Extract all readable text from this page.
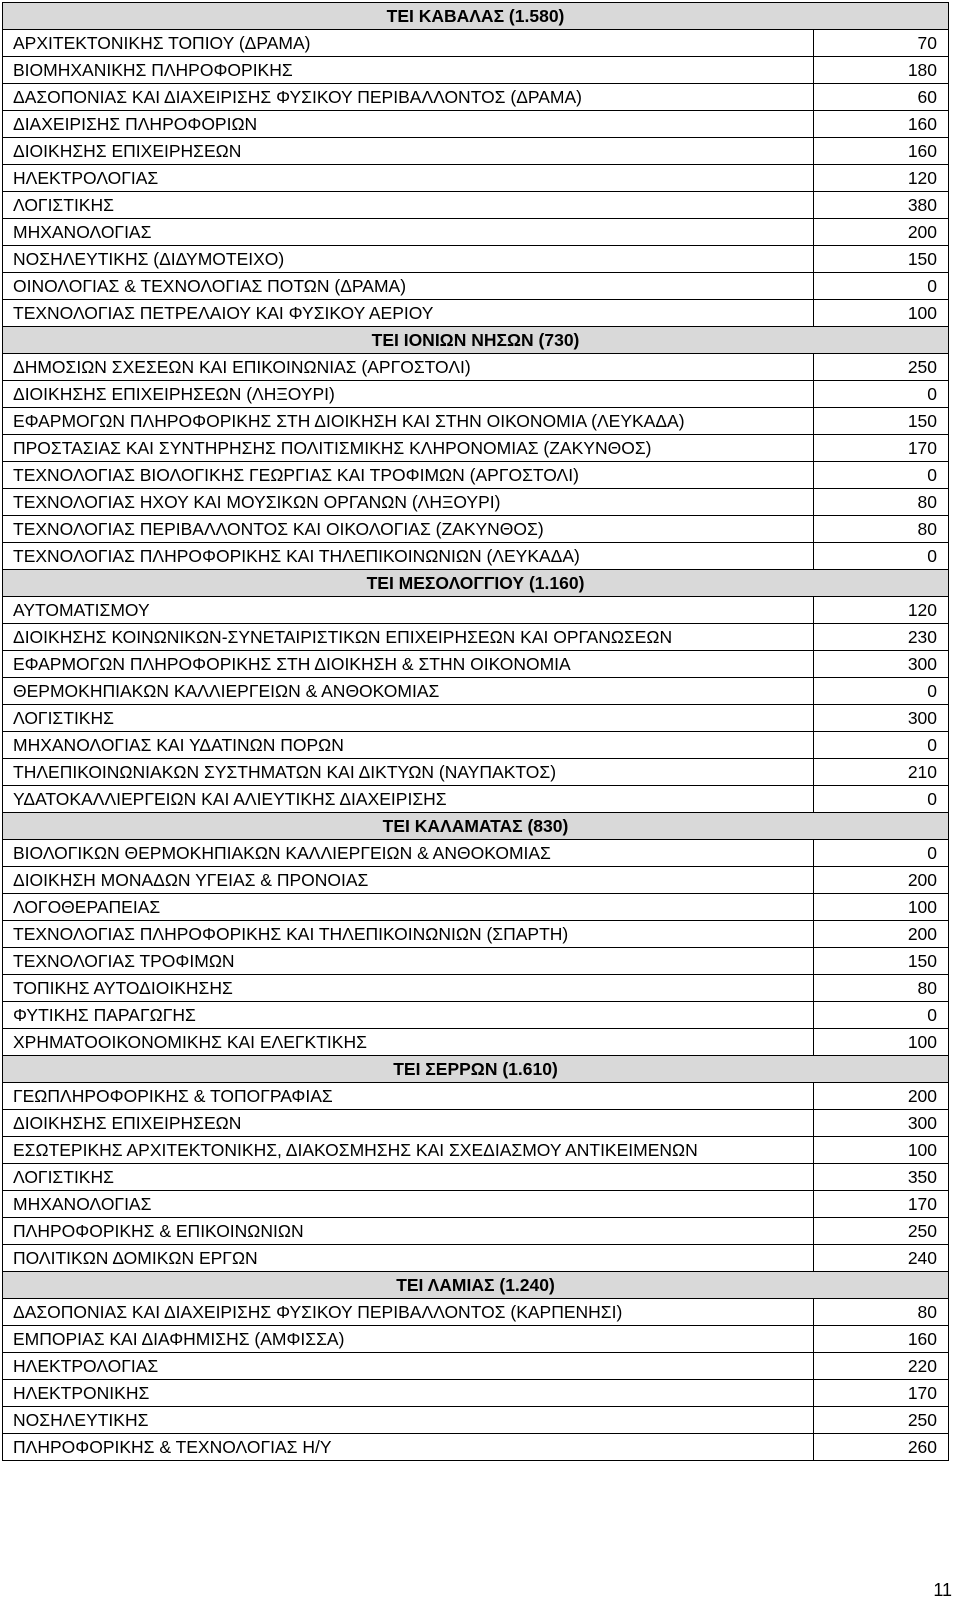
ΤΕΙ ΚΑΒΑΛΑΣ (1.580)	
ΑΡΧΙΤΕΚΤΟΝΙΚΗΣ ΤΟΠΙΟΥ (ΔΡΑΜΑ)	70
ΒΙΟΜΗΧΑΝΙΚΗΣ ΠΛΗΡΟΦΟΡΙΚΗΣ	180
ΔΑΣΟΠΟΝΙΑΣ ΚΑΙ ΔΙΑΧΕΙΡΙΣΗΣ ΦΥΣΙΚΟΥ ΠΕΡΙΒΑΛΛΟΝΤΟΣ (ΔΡΑΜΑ)	60
ΔΙΑΧΕΙΡΙΣΗΣ ΠΛΗΡΟΦΟΡΙΩΝ	160
ΔΙΟΙΚΗΣΗΣ ΕΠΙΧΕΙΡΗΣΕΩΝ	160
ΗΛΕΚΤΡΟΛΟΓΙΑΣ	120
ΛΟΓΙΣΤΙΚΗΣ	380
ΜΗΧΑΝΟΛΟΓΙΑΣ	200
ΝΟΣΗΛΕΥΤΙΚΗΣ (ΔΙΔΥΜΟΤΕΙΧΟ)	150
ΟΙΝΟΛΟΓΙΑΣ & ΤΕΧΝΟΛΟΓΙΑΣ ΠΟΤΩΝ (ΔΡΑΜΑ)	0
ΤΕΧΝΟΛΟΓΙΑΣ ΠΕΤΡΕΛΑΙΟΥ ΚΑΙ ΦΥΣΙΚΟΥ ΑΕΡΙΟΥ	100
ΤΕΙ ΙΟΝΙΩΝ ΝΗΣΩΝ (730)	
ΔΗΜΟΣΙΩΝ ΣΧΕΣΕΩΝ ΚΑΙ ΕΠΙΚΟΙΝΩΝΙΑΣ (ΑΡΓΟΣΤΟΛΙ)	250
ΔΙΟΙΚΗΣΗΣ ΕΠΙΧΕΙΡΗΣΕΩΝ (ΛΗΞΟΥΡΙ)	0
ΕΦΑΡΜΟΓΩΝ ΠΛΗΡΟΦΟΡΙΚΗΣ ΣΤΗ ΔΙΟΙΚΗΣΗ ΚΑΙ ΣΤΗΝ ΟΙΚΟΝΟΜΙΑ (ΛΕΥΚΑΔΑ)	150
ΠΡΟΣΤΑΣΙΑΣ ΚΑΙ ΣΥΝΤΗΡΗΣΗΣ ΠΟΛΙΤΙΣΜΙΚΗΣ ΚΛΗΡΟΝΟΜΙΑΣ (ΖΑΚΥΝΘΟΣ)	170
ΤΕΧΝΟΛΟΓΙΑΣ ΒΙΟΛΟΓΙΚΗΣ ΓΕΩΡΓΙΑΣ ΚΑΙ ΤΡΟΦΙΜΩΝ (ΑΡΓΟΣΤΟΛΙ)	0
ΤΕΧΝΟΛΟΓΙΑΣ ΗΧΟΥ ΚΑΙ ΜΟΥΣΙΚΩΝ ΟΡΓΑΝΩΝ (ΛΗΞΟΥΡΙ)	80
ΤΕΧΝΟΛΟΓΙΑΣ ΠΕΡΙΒΑΛΛΟΝΤΟΣ ΚΑΙ ΟΙΚΟΛΟΓΙΑΣ (ΖΑΚΥΝΘΟΣ)	80
ΤΕΧΝΟΛΟΓΙΑΣ ΠΛΗΡΟΦΟΡΙΚΗΣ ΚΑΙ ΤΗΛΕΠΙΚΟΙΝΩΝΙΩΝ (ΛΕΥΚΑΔΑ)	0
ΤΕΙ ΜΕΣΟΛΟΓΓΙΟΥ (1.160)	
ΑΥΤΟΜΑΤΙΣΜΟΥ	120
ΔΙΟΙΚΗΣΗΣ ΚΟΙΝΩΝΙΚΩΝ-ΣΥΝΕΤΑΙΡΙΣΤΙΚΩΝ ΕΠΙΧΕΙΡΗΣΕΩΝ ΚΑΙ ΟΡΓΑΝΩΣΕΩΝ	230
ΕΦΑΡΜΟΓΩΝ ΠΛΗΡΟΦΟΡΙΚΗΣ ΣΤΗ ΔΙΟΙΚΗΣΗ & ΣΤΗΝ ΟΙΚΟΝΟΜΙΑ	300
ΘΕΡΜΟΚΗΠΙΑΚΩΝ ΚΑΛΛΙΕΡΓΕΙΩΝ & ΑΝΘΟΚΟΜΙΑΣ	0
ΛΟΓΙΣΤΙΚΗΣ	300
ΜΗΧΑΝΟΛΟΓΙΑΣ ΚΑΙ ΥΔΑΤΙΝΩΝ ΠΟΡΩΝ	0
ΤΗΛΕΠΙΚΟΙΝΩΝΙΑΚΩΝ ΣΥΣΤΗΜΑΤΩΝ ΚΑΙ ΔΙΚΤΥΩΝ (ΝΑΥΠΑΚΤΟΣ)	210
ΥΔΑΤΟΚΑΛΛΙΕΡΓΕΙΩΝ ΚΑΙ ΑΛΙΕΥΤΙΚΗΣ ΔΙΑΧΕΙΡΙΣΗΣ	0
ΤΕΙ ΚΑΛΑΜΑΤΑΣ (830)	
ΒΙΟΛΟΓΙΚΩΝ ΘΕΡΜΟΚΗΠΙΑΚΩΝ ΚΑΛΛΙΕΡΓΕΙΩΝ & ΑΝΘΟΚΟΜΙΑΣ	0
ΔΙΟΙΚΗΣΗ ΜΟΝΑΔΩΝ ΥΓΕΙΑΣ & ΠΡΟΝΟΙΑΣ	200
ΛΟΓΟΘΕΡΑΠΕΙΑΣ	100
ΤΕΧΝΟΛΟΓΙΑΣ ΠΛΗΡΟΦΟΡΙΚΗΣ ΚΑΙ ΤΗΛΕΠΙΚΟΙΝΩΝΙΩΝ (ΣΠΑΡΤΗ)	200
ΤΕΧΝΟΛΟΓΙΑΣ ΤΡΟΦΙΜΩΝ	150
ΤΟΠΙΚΗΣ ΑΥΤΟΔΙΟΙΚΗΣΗΣ	80
ΦΥΤΙΚΗΣ ΠΑΡΑΓΩΓΗΣ	0
ΧΡΗΜΑΤΟΟΙΚΟΝΟΜΙΚΗΣ ΚΑΙ ΕΛΕΓΚΤΙΚΗΣ	100
ΤΕΙ ΣΕΡΡΩΝ (1.610)	
ΓΕΩΠΛΗΡΟΦΟΡΙΚΗΣ & ΤΟΠΟΓΡΑΦΙΑΣ	200
ΔΙΟΙΚΗΣΗΣ ΕΠΙΧΕΙΡΗΣΕΩΝ	300
ΕΣΩΤΕΡΙΚΗΣ ΑΡΧΙΤΕΚΤΟΝΙΚΗΣ, ΔΙΑΚΟΣΜΗΣΗΣ ΚΑΙ ΣΧΕΔΙΑΣΜΟΥ ΑΝΤΙΚΕΙΜΕΝΩΝ	100
ΛΟΓΙΣΤΙΚΗΣ	350
ΜΗΧΑΝΟΛΟΓΙΑΣ	170
ΠΛΗΡΟΦΟΡΙΚΗΣ & ΕΠΙΚΟΙΝΩΝΙΩΝ	250
ΠΟΛΙΤΙΚΩΝ ΔΟΜΙΚΩΝ ΕΡΓΩΝ	240
ΤΕΙ ΛΑΜΙΑΣ (1.240)	
ΔΑΣΟΠΟΝΙΑΣ ΚΑΙ ΔΙΑΧΕΙΡΙΣΗΣ ΦΥΣΙΚΟΥ ΠΕΡΙΒΑΛΛΟΝΤΟΣ (ΚΑΡΠΕΝΗΣΙ)	80
ΕΜΠΟΡΙΑΣ ΚΑΙ ΔΙΑΦΗΜΙΣΗΣ (ΑΜΦΙΣΣΑ)	160
ΗΛΕΚΤΡΟΛΟΓΙΑΣ	220
ΗΛΕΚΤΡΟΝΙΚΗΣ	170
ΝΟΣΗΛΕΥΤΙΚΗΣ	250
ΠΛΗΡΟΦΟΡΙΚΗΣ & ΤΕΧΝΟΛΟΓΙΑΣ Η/Υ	260
11
